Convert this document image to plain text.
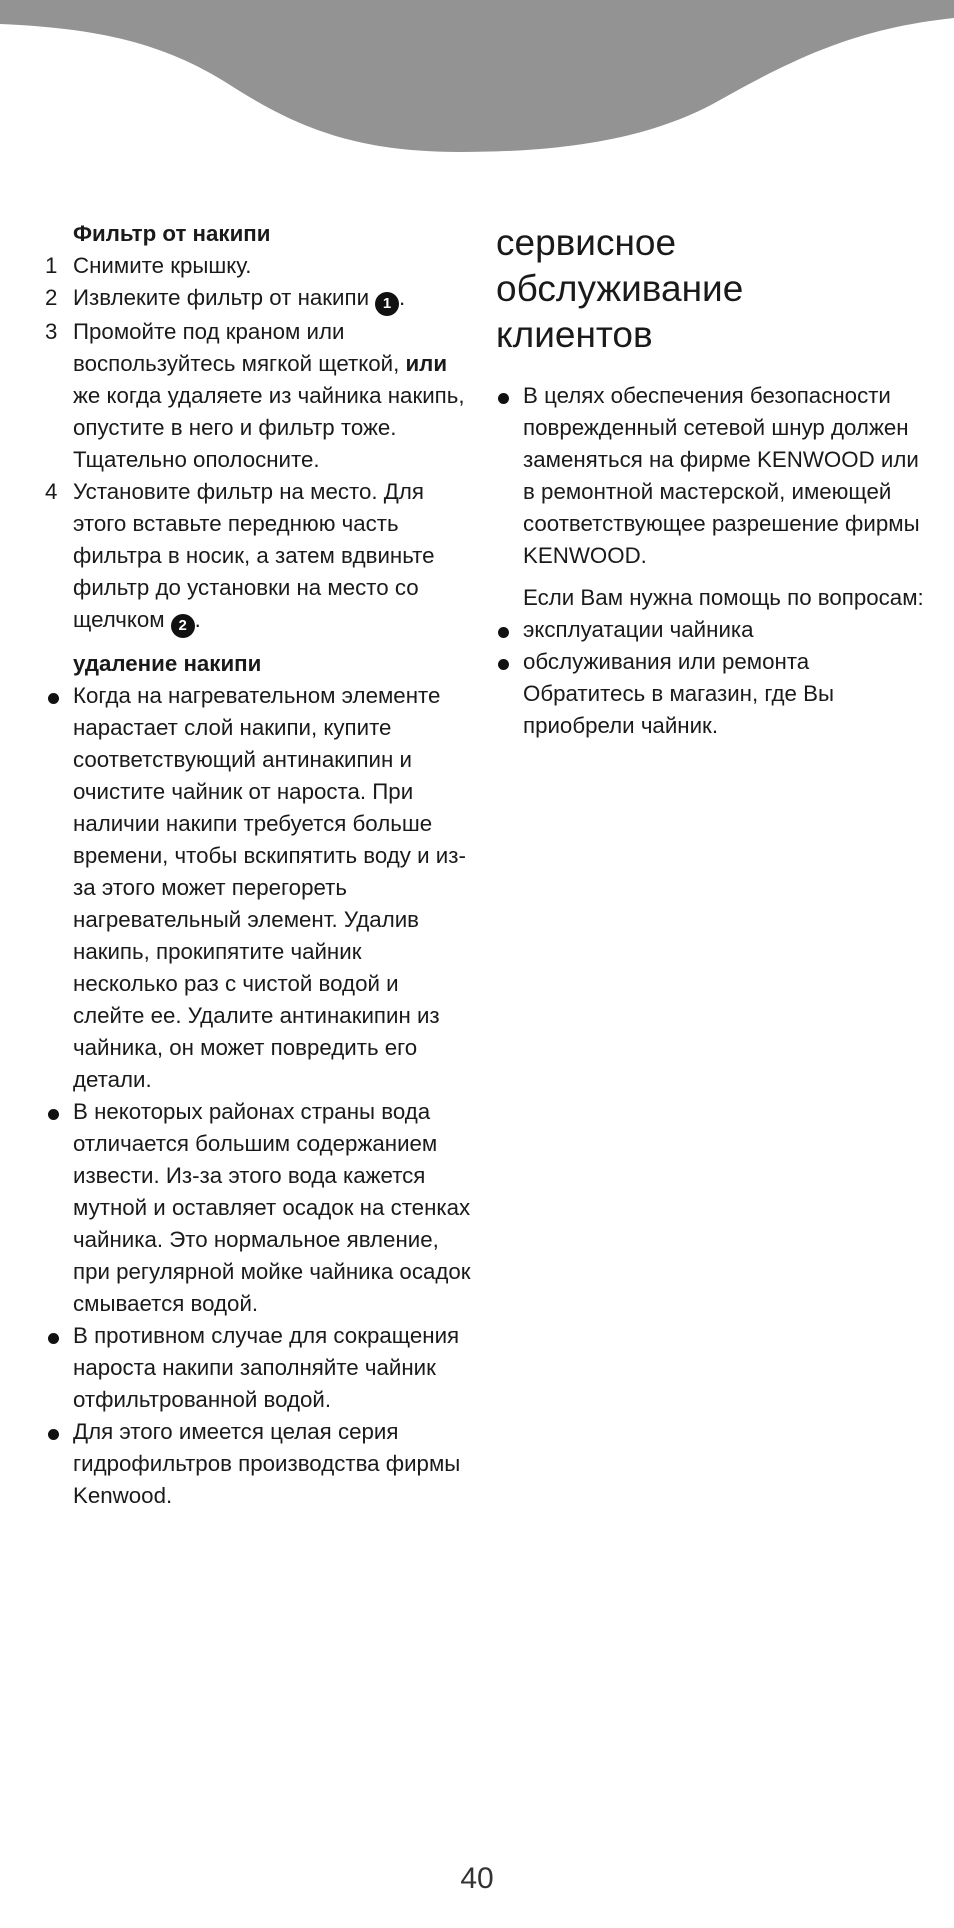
Фильтр от накипи
1 Снимите крышку.
2 Извлеките фильтр от накипи 1 .
3 Промойте под краном или воспользуйтесь мягкой щеткой, или же когда удаляете из чайника накипь, опустите в него и фильтр тоже. Тщательно ополосните.
4 Установите фильтр на место. Для этого вставьте переднюю часть фильтра в носик, а затем вдвиньте фильтр до установки на место со щелчком 2 .
удаление накипи
Когда на нагревательном элементе нарастает слой накипи, купите соответствующий антинакипин и очистите чайник от нароста. При наличии накипи требуется больше времени, чтобы вскипятить воду и из-за этого может перегореть нагревательный элемент. Удалив накипь, прокипятите чайник несколько раз с чистой водой и слейте ее. Удалите антинакипин из чайника, он может повредить его детали.
В некоторых районах страны вода отличается большим содержанием извести. Из-за этого вода кажется мутной и оставляет осадок на стенках чайника. Это нормальное явление, при регулярной мойке чайника осадок смывается водой.
В противном случае для сокращения нароста накипи заполняйте чайник отфильтрованной водой.
Для этого имеется целая серия гидрофильтров производства фирмы Kenwood.
сервисное
обслуживание
клиентов
В целях обеспечения безопасности поврежденный сетевой шнур должен заменяться на фирме KENWOOD или в ремонтной мастерской, имеющей соответствующее разрешение фирмы KENWOOD.
Если Вам нужна помощь по вопросам:
эксплуатации чайника
обслуживания или ремонта
Обратитесь в магазин, где Вы приобрели чайник.
40
